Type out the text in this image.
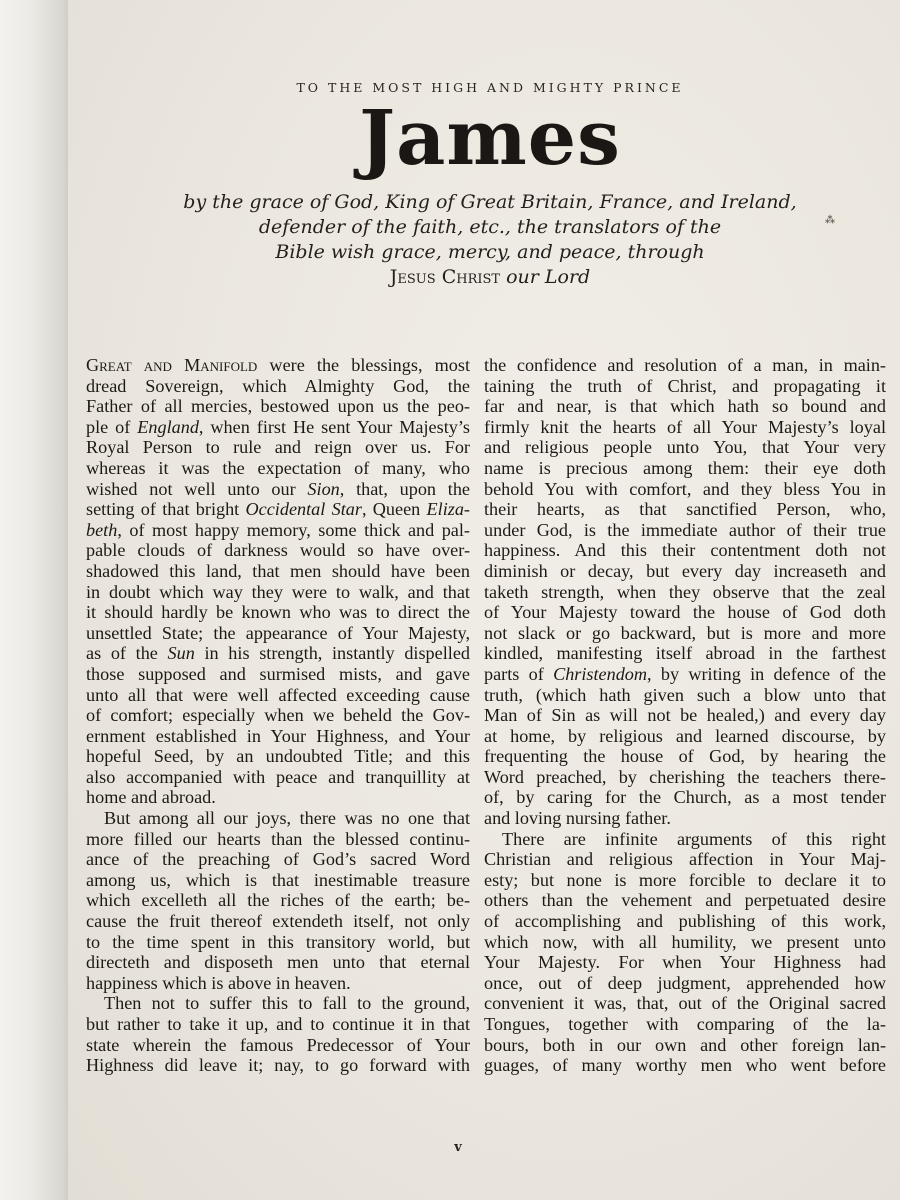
TO THE MOST HIGH AND MIGHTY PRINCE
James
by the grace of God, King of Great Britain, France, and Ireland,
defender of the faith, etc., the translators of the
Bible wish grace, mercy, and peace, through
Jesus Christ our Lord
⁂
Great and Manifold were the blessings, most
dread Sovereign, which Almighty God, the
Father of all mercies, bestowed upon us the peo-
ple of England, when first He sent Your Majesty’s
Royal Person to rule and reign over us. For
whereas it was the expectation of many, who
wished not well unto our Sion, that, upon the
setting of that bright Occidental Star, Queen Eliza-
beth, of most happy memory, some thick and pal-
pable clouds of darkness would so have over-
shadowed this land, that men should have been
in doubt which way they were to walk, and that
it should hardly be known who was to direct the
unsettled State; the appearance of Your Majesty,
as of the Sun in his strength, instantly dispelled
those supposed and surmised mists, and gave
unto all that were well affected exceeding cause
of comfort; especially when we beheld the Gov-
ernment established in Your Highness, and Your
hopeful Seed, by an undoubted Title; and this
also accompanied with peace and tranquillity at
home and abroad.
But among all our joys, there was no one that
more filled our hearts than the blessed continu-
ance of the preaching of God’s sacred Word
among us, which is that inestimable treasure
which excelleth all the riches of the earth; be-
cause the fruit thereof extendeth itself, not only
to the time spent in this transitory world, but
directeth and disposeth men unto that eternal
happiness which is above in heaven.
Then not to suffer this to fall to the ground,
but rather to take it up, and to continue it in that
state wherein the famous Predecessor of Your
Highness did leave it; nay, to go forward with
the confidence and resolution of a man, in main-
taining the truth of Christ, and propagating it
far and near, is that which hath so bound and
firmly knit the hearts of all Your Majesty’s loyal
and religious people unto You, that Your very
name is precious among them: their eye doth
behold You with comfort, and they bless You in
their hearts, as that sanctified Person, who,
under God, is the immediate author of their true
happiness. And this their contentment doth not
diminish or decay, but every day increaseth and
taketh strength, when they observe that the zeal
of Your Majesty toward the house of God doth
not slack or go backward, but is more and more
kindled, manifesting itself abroad in the farthest
parts of Christendom, by writing in defence of the
truth, (which hath given such a blow unto that
Man of Sin as will not be healed,) and every day
at home, by religious and learned discourse, by
frequenting the house of God, by hearing the
Word preached, by cherishing the teachers there-
of, by caring for the Church, as a most tender
and loving nursing father.
There are infinite arguments of this right
Christian and religious affection in Your Maj-
esty; but none is more forcible to declare it to
others than the vehement and perpetuated desire
of accomplishing and publishing of this work,
which now, with all humility, we present unto
Your Majesty. For when Your Highness had
once, out of deep judgment, apprehended how
convenient it was, that, out of the Original sacred
Tongues, together with comparing of the la-
bours, both in our own and other foreign lan-
guages, of many worthy men who went before
v
